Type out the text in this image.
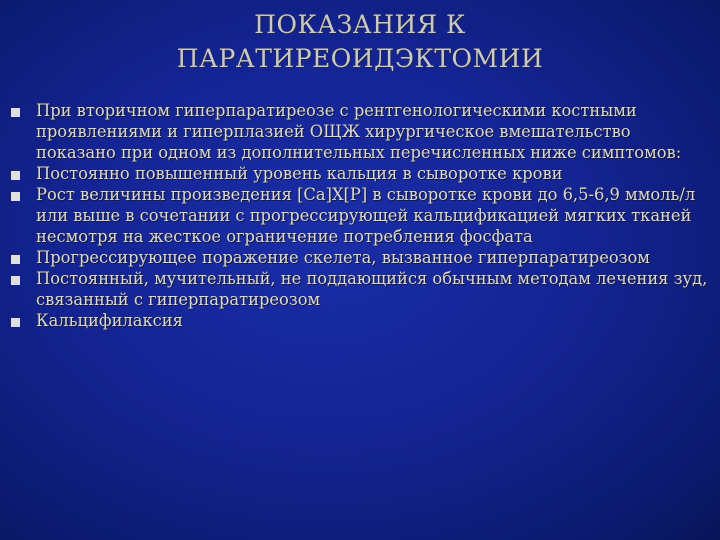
ПОКАЗАНИЯ К
ПАРАТИРЕОИДЭКТОМИИ
При вторичном гиперпаратиреозе с рентгенологическими костными проявлениями и гиперплазией ОЩЖ хирургическое вмешательство показано при одном из дополнительных перечисленных ниже симптомов:
Постоянно повышенный уровень кальция в сыворотке крови
Рост величины произведения [Ca]X[P] в сыворотке крови до 6,5-6,9 ммоль/л или выше в сочетании с прогрессирующей кальцификацией мягких тканей несмотря на жесткое ограничение потребления фосфата
Прогрессирующее поражение скелета, вызванное гиперпаратиреозом
Постоянный, мучительный, не поддающийся обычным методам лечения зуд, связанный с гиперпаратиреозом
Кальцифилаксия
